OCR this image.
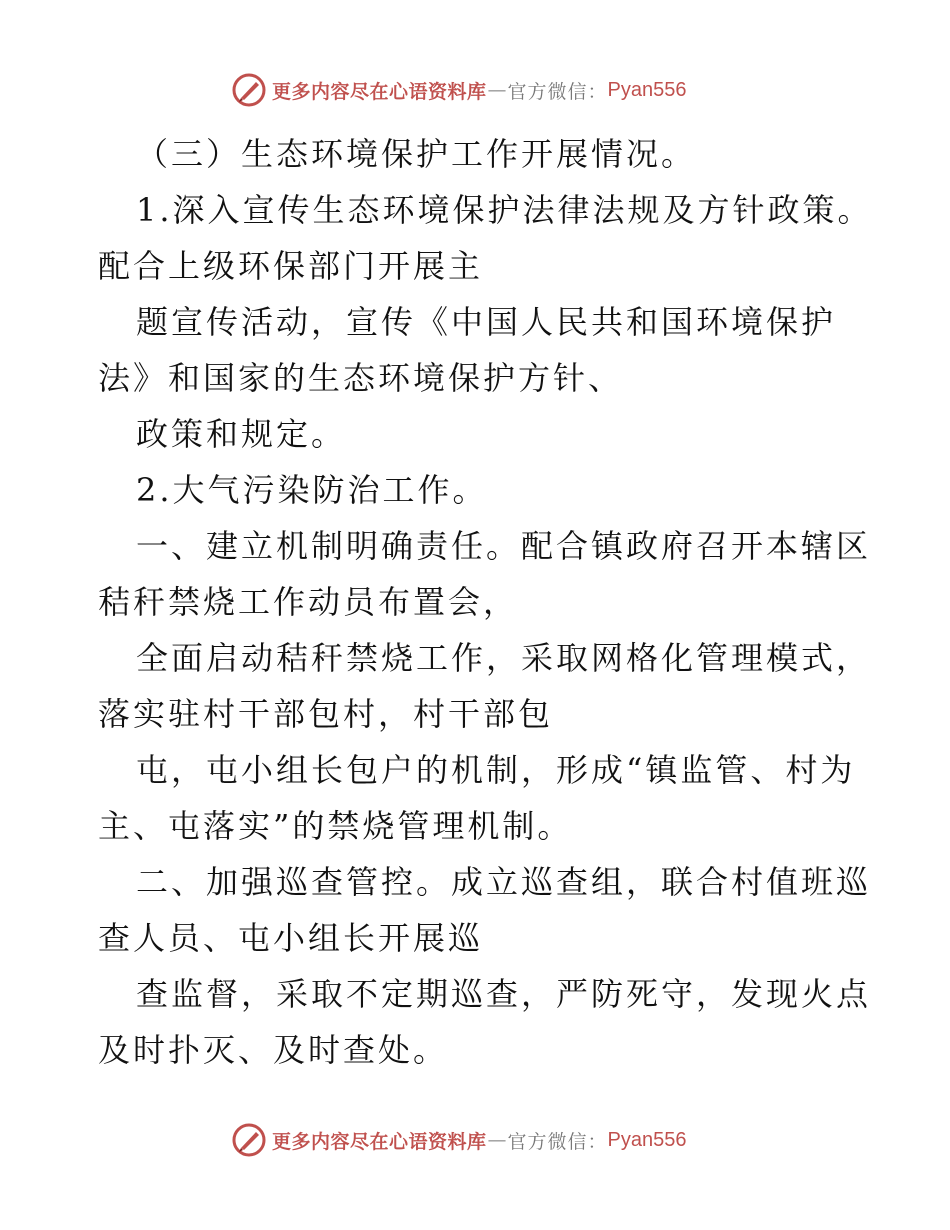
更多内容尽在心语资料库 — 官方微信： Pyan556
（三）生态环境保护工作开展情况。
1.深入宣传生态环境保护法律法规及方针政策。
配合上级环保部门开展主
题宣传活动，宣传《中国人民共和国环境保护
法》和国家的生态环境保护方针、
政策和规定。
2.大气污染防治工作。
一、建立机制明确责任。配合镇政府召开本辖区
秸秆禁烧工作动员布置会，
全面启动秸秆禁烧工作，采取网格化管理模式，
落实驻村干部包村，村干部包
屯，屯小组长包户的机制，形成“镇监管、村为
主、屯落实”的禁烧管理机制。
二、加强巡查管控。成立巡查组，联合村值班巡
查人员、屯小组长开展巡
查监督，采取不定期巡查，严防死守，发现火点
及时扑灭、及时查处。
更多内容尽在心语资料库 — 官方微信： Pyan556
